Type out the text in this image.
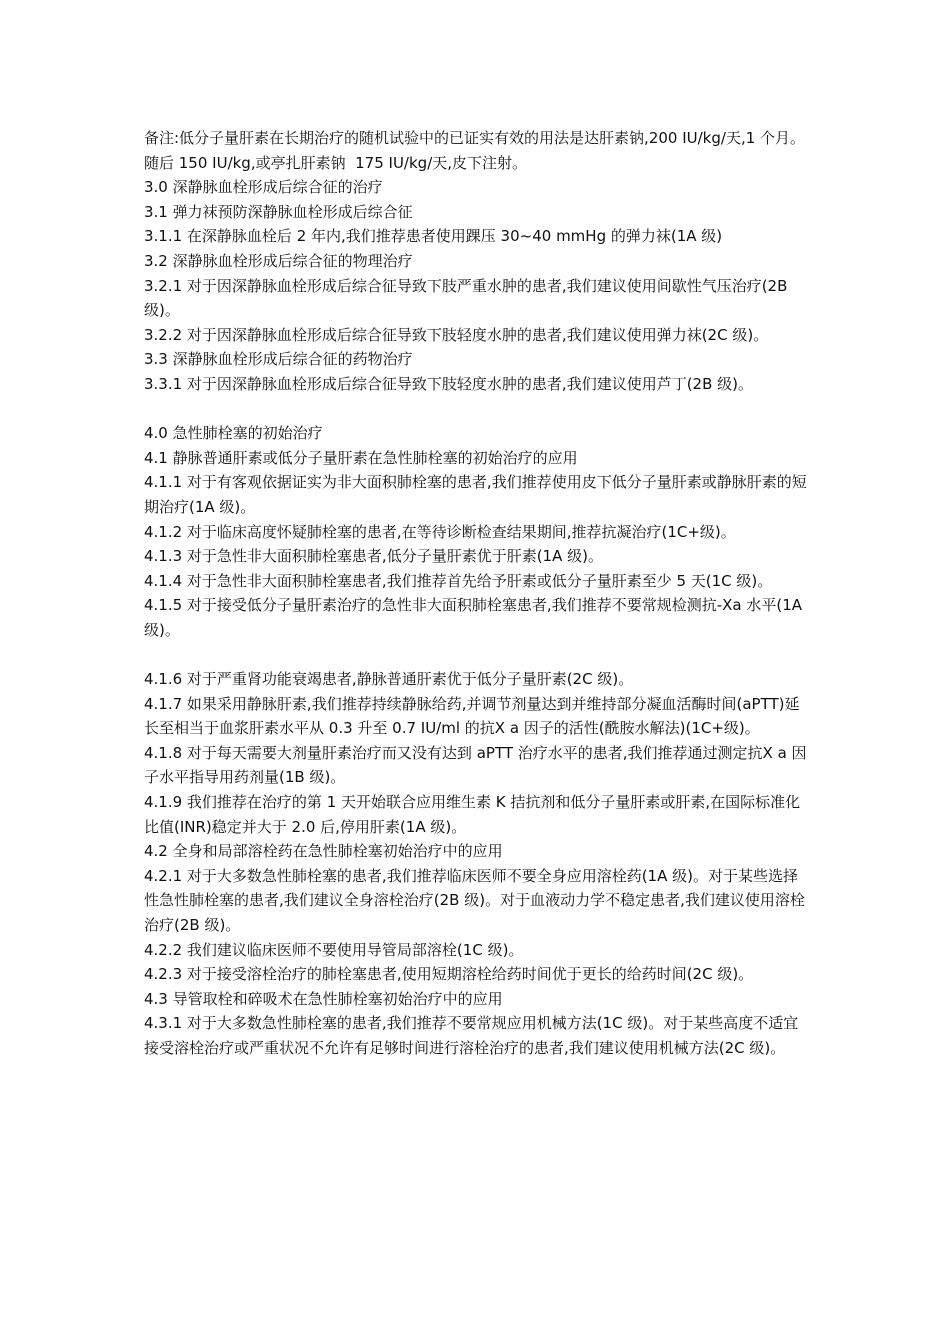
备注:低分子量肝素在长期治疗的随机试验中的已证实有效的用法是达肝素钠,200 IU/kg/天,1 个月。随后 150 IU/kg,或亭扎肝素钠  175 IU/kg/天,皮下注射。

3.0 深静脉血栓形成后综合征的治疗

3.1 弹力袜预防深静脉血栓形成后综合征

3.1.1 在深静脉血栓后 2 年内,我们推荐患者使用踝压 30~40 mmHg 的弹力袜(1A 级)

3.2 深静脉血栓形成后综合征的物理治疗

3.2.1 对于因深静脉血栓形成后综合征导致下肢严重水肿的患者,我们建议使用间歇性气压治疗(2B 级)。

3.2.2 对于因深静脉血栓形成后综合征导致下肢轻度水肿的患者,我们建议使用弹力袜(2C 级)。

3.3 深静脉血栓形成后综合征的药物治疗

3.3.1 对于因深静脉血栓形成后综合征导致下肢轻度水肿的患者,我们建议使用芦丁(2B 级)。

4.0 急性肺栓塞的初始治疗

4.1 静脉普通肝素或低分子量肝素在急性肺栓塞的初始治疗的应用

4.1.1 对于有客观依据证实为非大面积肺栓塞的患者,我们推荐使用皮下低分子量肝素或静脉肝素的短期治疗(1A 级)。

4.1.2 对于临床高度怀疑肺栓塞的患者,在等待诊断检查结果期间,推荐抗凝治疗(1C+级)。

4.1.3 对于急性非大面积肺栓塞患者,低分子量肝素优于肝素(1A 级)。

4.1.4 对于急性非大面积肺栓塞患者,我们推荐首先给予肝素或低分子量肝素至少 5 天(1C 级)。

4.1.5 对于接受低分子量肝素治疗的急性非大面积肺栓塞患者,我们推荐不要常规检测抗-Ⅹa 水平(1A 级)。

4.1.6 对于严重肾功能衰竭患者,静脉普通肝素优于低分子量肝素(2C 级)。

4.1.7 如果采用静脉肝素,我们推荐持续静脉给药,并调节剂量达到并维持部分凝血活酶时间(aPTT)延长至相当于血浆肝素水平从 0.3 升至 0.7 IU/ml 的抗Ⅹ a 因子的活性(酰胺水解法)(1C+级)。

4.1.8 对于每天需要大剂量肝素治疗而又没有达到 aPTT 治疗水平的患者,我们推荐通过测定抗Ⅹ a 因子水平指导用药剂量(1B 级)。

4.1.9 我们推荐在治疗的第 1 天开始联合应用维生素 K 拮抗剂和低分子量肝素或肝素,在国际标准化比值(INR)稳定并大于 2.0 后,停用肝素(1A 级)。

4.2 全身和局部溶栓药在急性肺栓塞初始治疗中的应用

4.2.1 对于大多数急性肺栓塞的患者,我们推荐临床医师不要全身应用溶栓药(1A 级)。对于某些选择性急性肺栓塞的患者,我们建议全身溶栓治疗(2B 级)。对于血液动力学不稳定患者,我们建议使用溶栓治疗(2B 级)。

4.2.2 我们建议临床医师不要使用导管局部溶栓(1C 级)。

4.2.3 对于接受溶栓治疗的肺栓塞患者,使用短期溶栓给药时间优于更长的给药时间(2C 级)。

4.3 导管取栓和碎吸术在急性肺栓塞初始治疗中的应用

4.3.1 对于大多数急性肺栓塞的患者,我们推荐不要常规应用机械方法(1C 级)。对于某些高度不适宜接受溶栓治疗或严重状况不允许有足够时间进行溶栓治疗的患者,我们建议使用机械方法(2C 级)。
